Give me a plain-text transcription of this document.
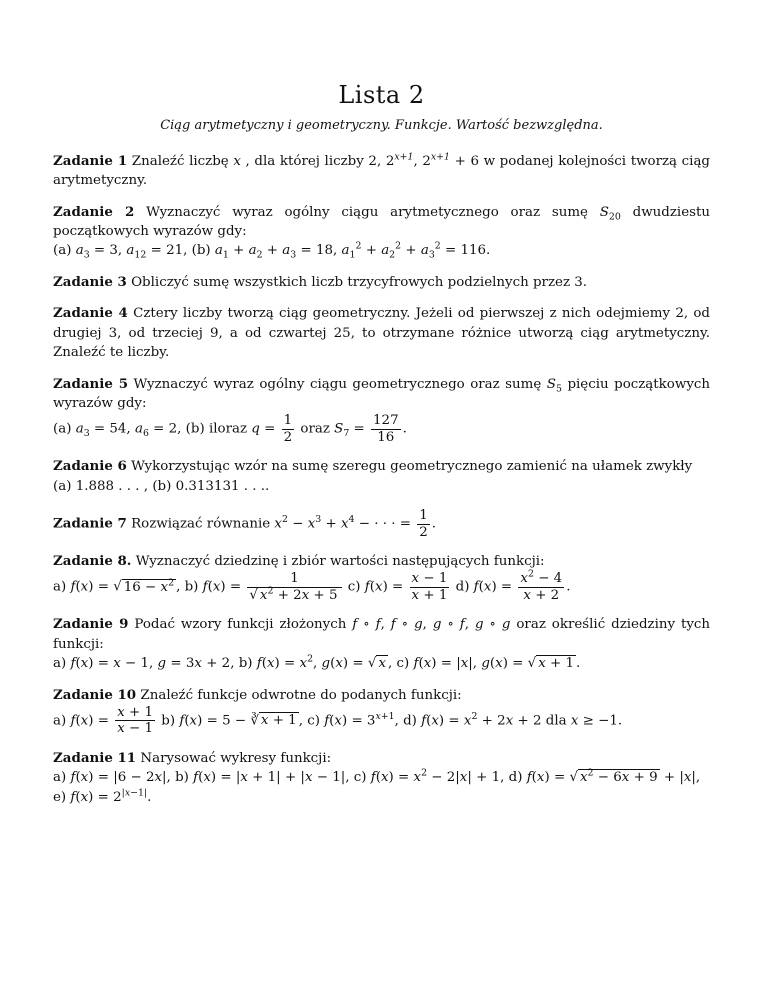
Lista 2
Ciąg arytmetyczny i geometryczny. Funkcje. Wartość bezwzględna.

Zadanie 1 Znaleźć liczbę x , dla której liczby 2, $2^{x+1}$, $2^{x+1} + 6$ w podanej kolejności tworzą ciąg arytmetyczny.

Zadanie 2 Wyznaczyć wyraz ogólny ciągu arytmetycznego oraz sumę $S_{20}$ dwudziestu początkowych wyrazów gdy:

(a) $a_3 = 3$, $a_{12} = 21$, (b) $a_1 + a_2 + a_3 = 18$, $a_1^2 + a_2^2 + a_3^2 = 116$.

Zadanie 3 Obliczyć sumę wszystkich liczb trzycyfrowych podzielnych przez 3.

Zadanie 4 Cztery liczby tworzą ciąg geometryczny. Jeżeli od pierwszej z nich odejmiemy 2, od drugiej 3, od trzeciej 9, a od czwartej 25, to otrzymane różnice utworzą ciąg arytmetyczny. Znaleźć te liczby.

Zadanie 5 Wyznaczyć wyraz ogólny ciągu geometrycznego oraz sumę $S_5$ pięciu początkowych wyrazów gdy:

(a) $a_3 = 54$, $a_6 = 2$, (b) iloraz $q = \frac{1}{2}$ oraz $S_7 = \frac{127}{16}$ .

Zadanie 6 Wykorzystując wzór na sumę szeregu geometrycznego zamienić na ułamek zwykły
(a) 1.888 . . . , (b) 0.313131 . . ..

Zadanie 7 Rozwiązać równanie $x^2 - x^3 + x^4$ − · · · = $\frac{1}{2}$ .

Zadanie 8. Wyznaczyć dziedzinę i zbiór wartości następujących funkcji:

a) f(x) = √ $16 - x^2$ , b) $f(x) = \frac{1}{√ x^2 + 2x + 5} c$) $f(x) = \frac{x - 1}{x + 1} d$) $f(x) = \frac{x^2 - 4}{x + 2}$ .

Zadanie 9 Podać wzory funkcji złożonych f ∘ f, f ∘ g, g ∘ f, g ∘ g oraz określić dziedziny tych funkcji:
a) f(x) = x − 1, g = 3x + 2, b) $f(x) = x^2$, g(x) = √ x , c) f(x) = |x|, g(x) = √ x + 1 .

Zadanie 10 Znaleźć funkcje odwrotne do podanych funkcji:

a) $f(x) = \frac{x + 1}{x - 1} b$) f(x) = 5 − ∛ x + 1 , c) $f(x) = 3^{x+1}$, d) $f(x) = x^2 + 2x + 2$ dla x ≥ −1.

Zadanie 11 Narysować wykresy funkcji:
a) f(x) = |6 − 2x|, b) f(x) = |x + 1| + |x − 1|, c) $f(x) = x^2 - 2|x| + 1$, d) f(x) = √ $x^2 - 6x + 9 + |x|$,
e) $f(x) = 2^{|x-1|}$.
